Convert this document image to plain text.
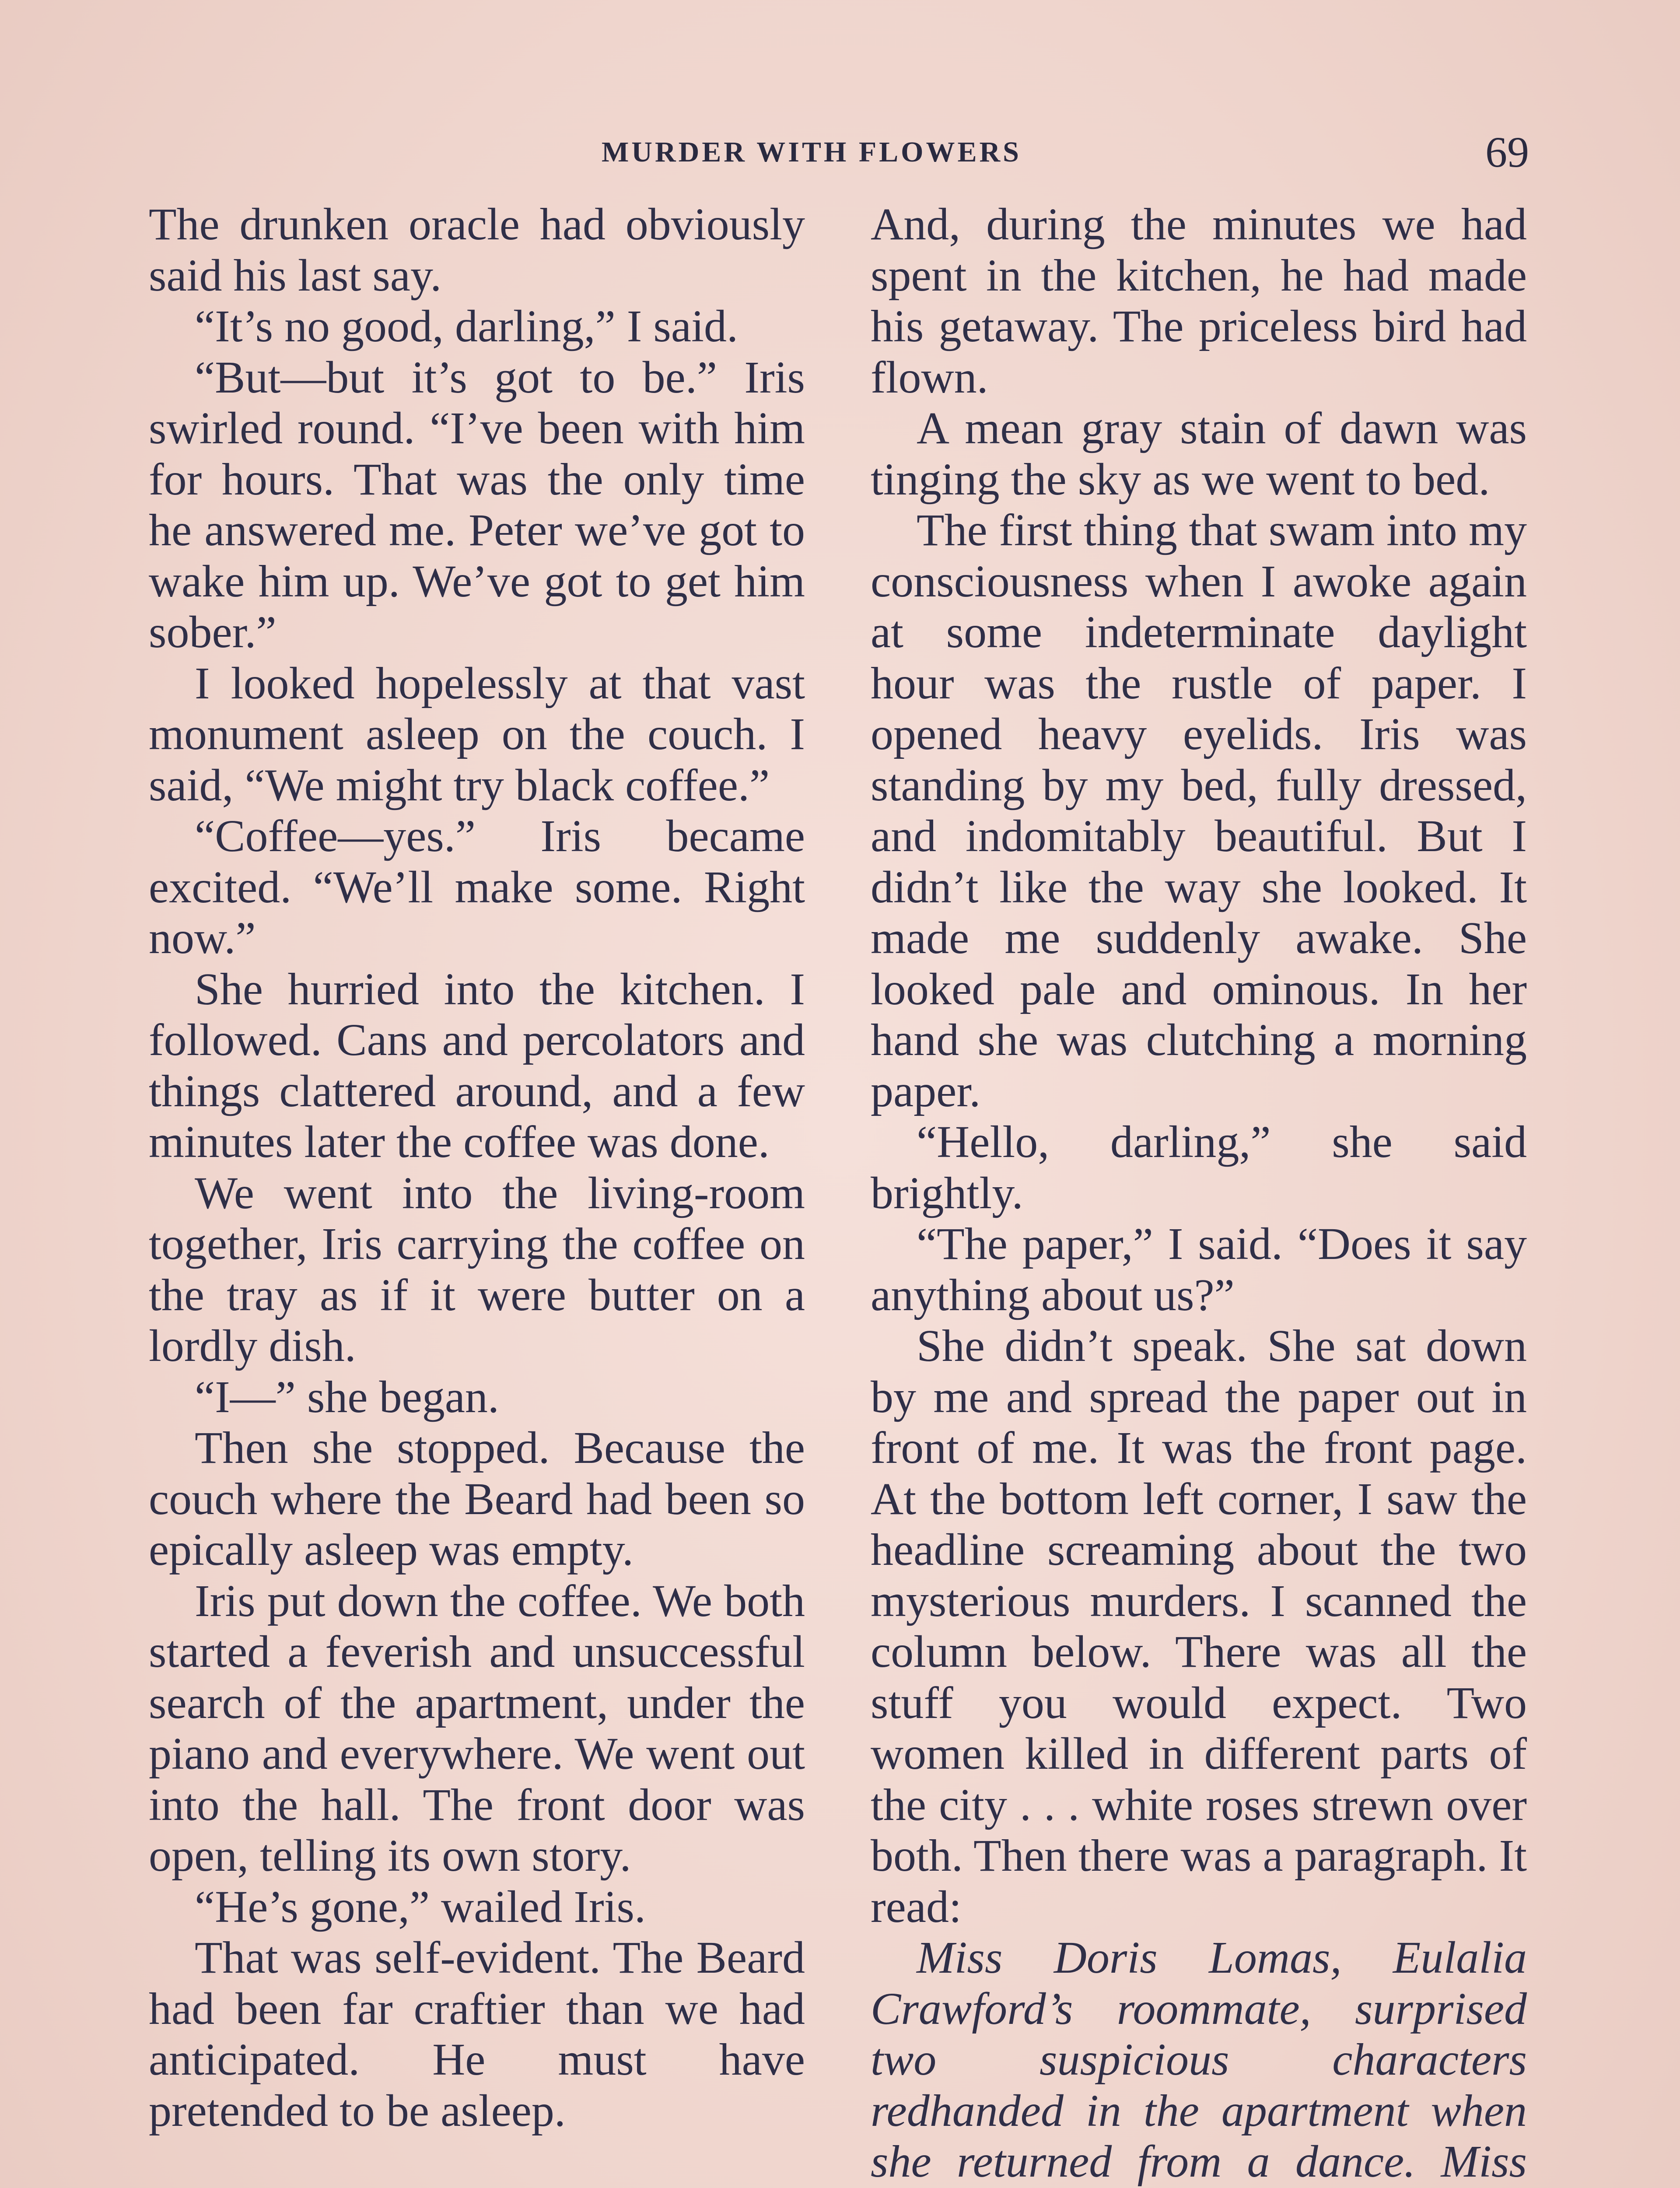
MURDER WITH FLOWERS	69

The drunken oracle had obviously said his last say.

“It’s no good, darling,” I said.

“But—but it’s got to be.” Iris swirled round. “I’ve been with him for hours. That was the only time he answered me. Peter we’ve got to wake him up. We’ve got to get him sober.”

I looked hopelessly at that vast monument asleep on the couch. I said, “We might try black coffee.”

“Coffee—yes.” Iris became excited. “We’ll make some. Right now.”

She hurried into the kitchen. I followed. Cans and percolators and things clattered around, and a few minutes later the coffee was done.

We went into the living-room together, Iris carrying the coffee on the tray as if it were butter on a lordly dish.

“I—” she began.

Then she stopped. Because the couch where the Beard had been so epically asleep was empty.

Iris put down the coffee. We both started a feverish and unsuccessful search of the apartment, under the piano and everywhere. We went out into the hall. The front door was open, telling its own story.

“He’s gone,” wailed Iris.

That was self-evident. The Beard had been far craftier than we had anticipated. He must have pretended to be asleep.

And, during the minutes we had spent in the kitchen, he had made his getaway. The priceless bird had flown.

A mean gray stain of dawn was tinging the sky as we went to bed.

The first thing that swam into my consciousness when I awoke again at some indeterminate daylight hour was the rustle of paper. I opened heavy eyelids. Iris was standing by my bed, fully dressed, and indomitably beautiful. But I didn’t like the way she looked. It made me suddenly awake. She looked pale and ominous. In her hand she was clutching a morning paper.

“Hello, darling,” she said brightly.

“The paper,” I said. “Does it say anything about us?”

She didn’t speak. She sat down by me and spread the paper out in front of me. It was the front page. At the bottom left corner, I saw the headline screaming about the two mysterious murders. I scanned the column below. There was all the stuff you would expect. Two women killed in different parts of the city . . . white roses strewn over both. Then there was a paragraph. It read:

Miss Doris Lomas, Eulalia Crawford’s roommate, surprised two suspicious characters redhanded in the apartment when she returned from a dance. Miss
